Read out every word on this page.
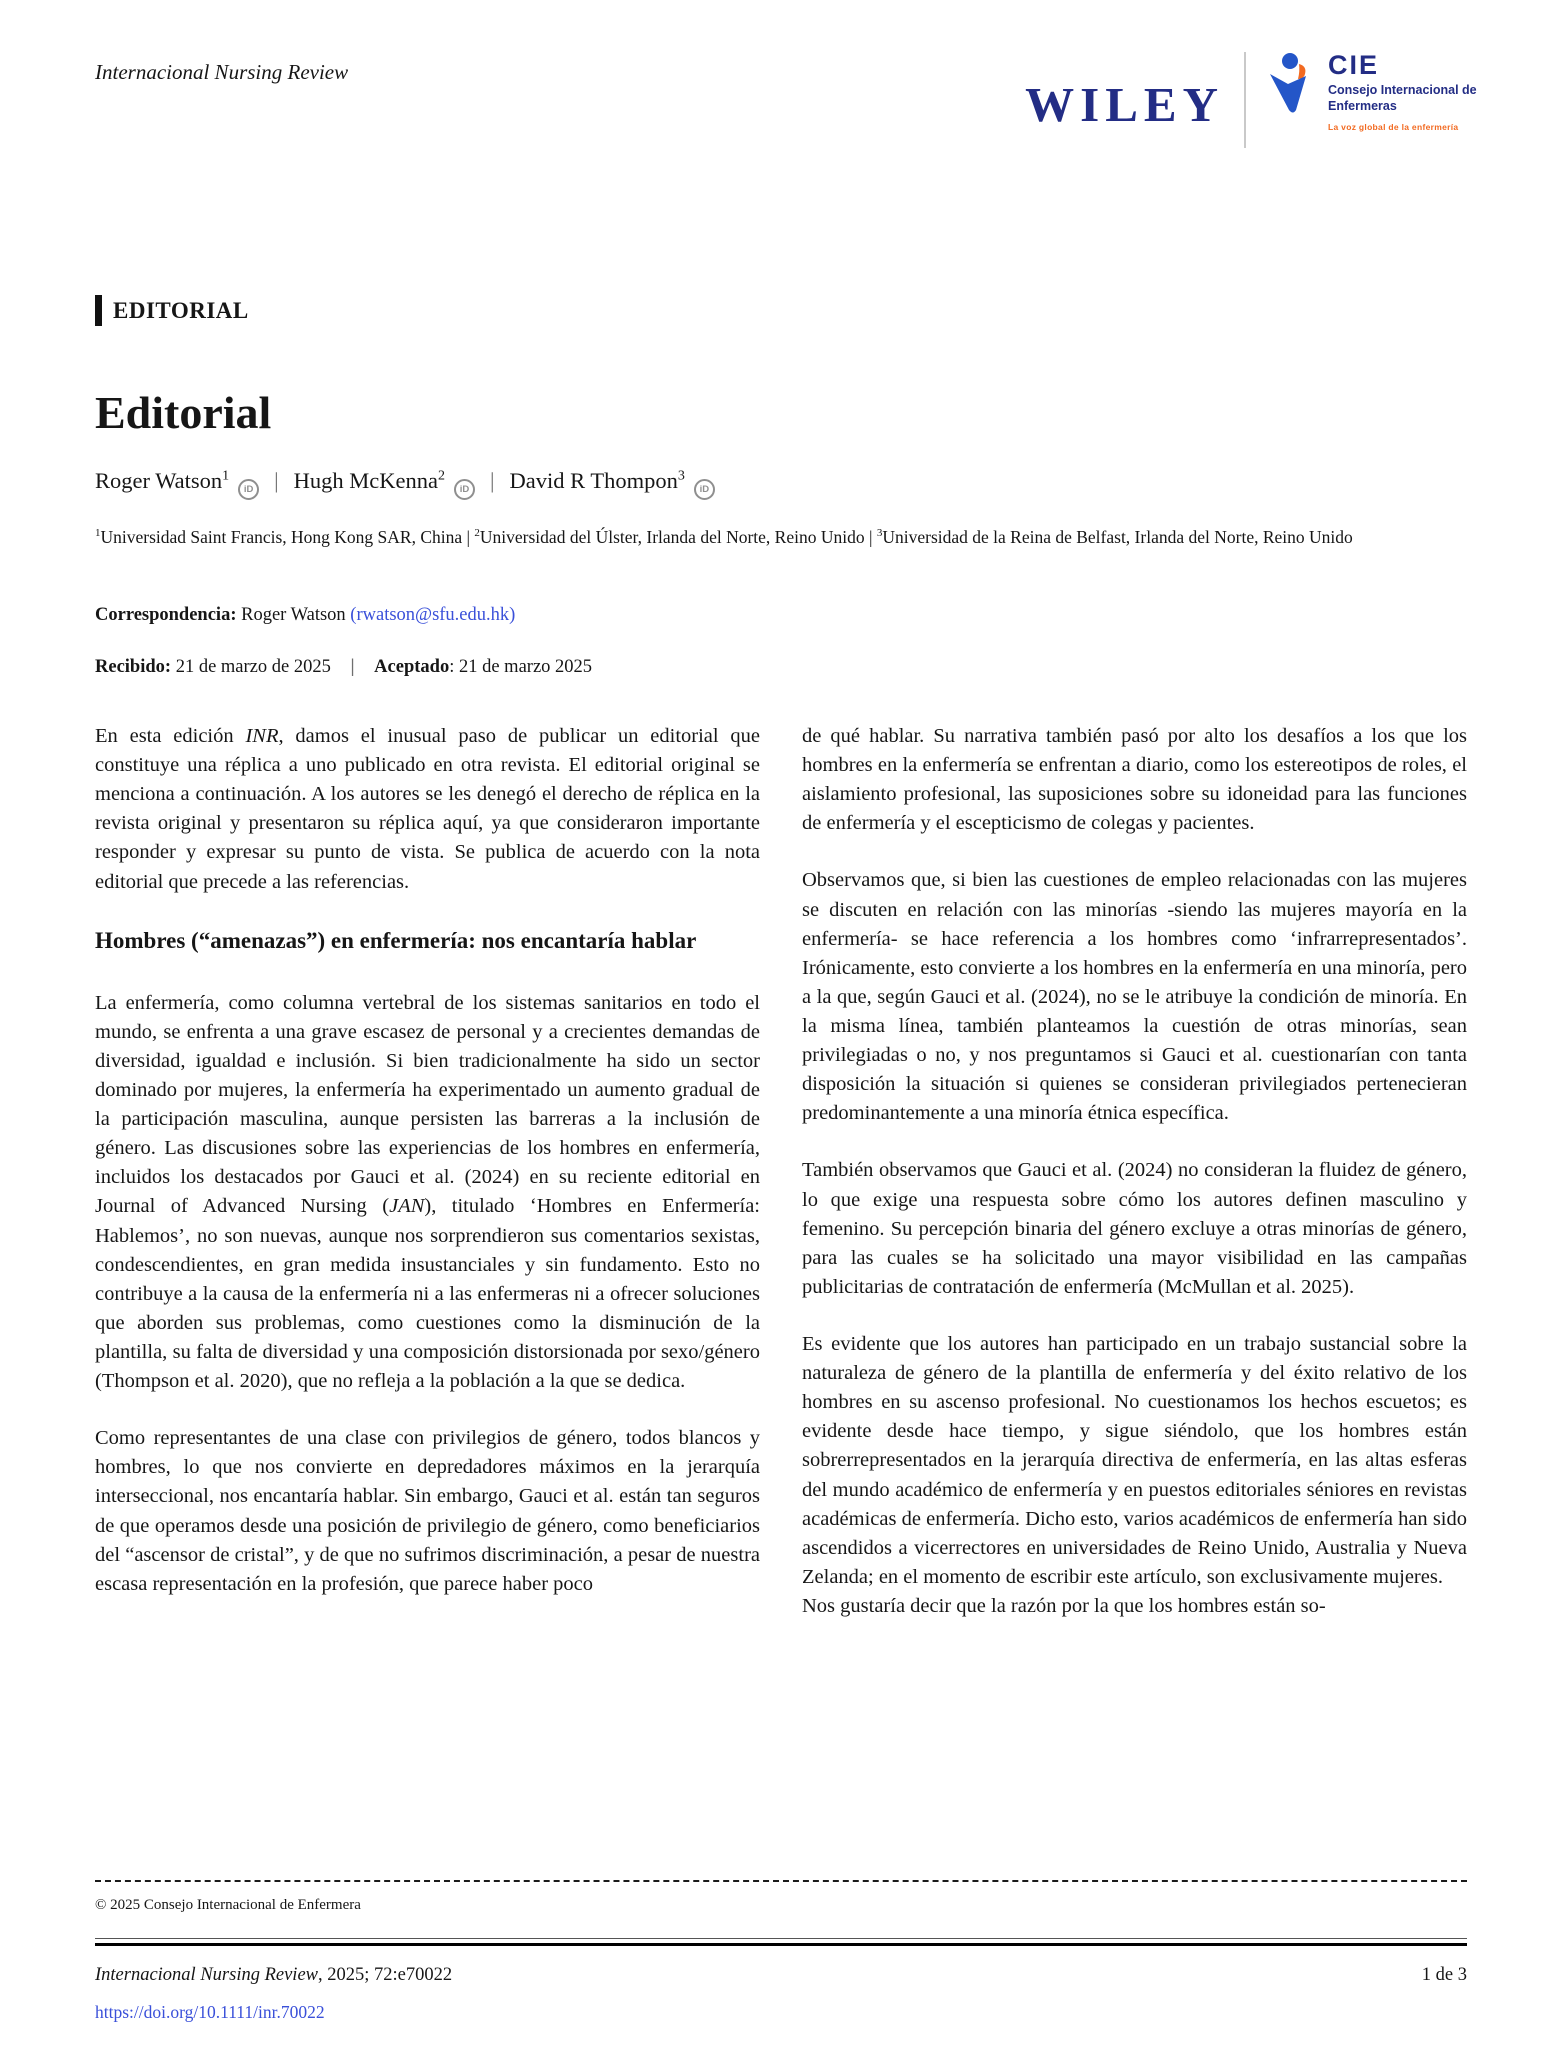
Internacional Nursing Review
WILEY
CIE
Consejo Internacional de Enfermeras
La voz global de la enfermería
EDITORIAL
Editorial
Roger Watson$^1$iD | Hugh McKenna$^2$iD | David R Thompon$^3$iD
$^1$Universidad Saint Francis, Hong Kong SAR, China | $^2$Universidad del Úlster, Irlanda del Norte, Reino Unido | $^3$Universidad de la Reina de Belfast, Irlanda del Norte, Reino Unido
Correspondencia: Roger Watson (rwatson@sfu.edu.hk)
Recibido: 21 de marzo de 2025 | Aceptado: 21 de marzo 2025

En esta edición INR, damos el inusual paso de publicar un editorial que constituye una réplica a uno publicado en otra revista. El editorial original se menciona a continuación. A los autores se les denegó el derecho de réplica en la revista original y presentaron su réplica aquí, ya que consideraron importante responder y expresar su punto de vista. Se publica de acuerdo con la nota editorial que precede a las referencias.

Hombres (“amenazas”) en enfermería: nos encantaría hablar

La enfermería, como columna vertebral de los sistemas sanitarios en todo el mundo, se enfrenta a una grave escasez de personal y a crecientes demandas de diversidad, igualdad e inclusión. Si bien tradicionalmente ha sido un sector dominado por mujeres, la enfermería ha experimentado un aumento gradual de la participación masculina, aunque persisten las barreras a la inclusión de género. Las discusiones sobre las experiencias de los hombres en enfermería, incluidos los destacados por Gauci et al. (2024) en su reciente editorial en Journal of Advanced Nursing (JAN), titulado ‘Hombres en Enfermería: Hablemos’, no son nuevas, aunque nos sorprendieron sus comentarios sexistas, condescendientes, en gran medida insustanciales y sin fundamento. Esto no contribuye a la causa de la enfermería ni a las enfermeras ni a ofrecer soluciones que aborden sus problemas, como cuestiones como la disminución de la plantilla, su falta de diversidad y una composición distorsionada por sexo/género (Thompson et al. 2020), que no refleja a la población a la que se dedica.

Como representantes de una clase con privilegios de género, todos blancos y hombres, lo que nos convierte en depredadores máximos en la jerarquía interseccional, nos encantaría hablar. Sin embargo, Gauci et al. están tan seguros de que operamos desde una posición de privilegio de género, como beneficiarios del “ascensor de cristal”, y de que no sufrimos discriminación, a pesar de nuestra escasa representación en la profesión, que parece haber poco

de qué hablar. Su narrativa también pasó por alto los desafíos a los que los hombres en la enfermería se enfrentan a diario, como los estereotipos de roles, el aislamiento profesional, las suposiciones sobre su idoneidad para las funciones de enfermería y el escepticismo de colegas y pacientes.

Observamos que, si bien las cuestiones de empleo relacionadas con las mujeres se discuten en relación con las minorías -siendo las mujeres mayoría en la enfermería- se hace referencia a los hombres como ‘infrarrepresentados’. Irónicamente, esto convierte a los hombres en la enfermería en una minoría, pero a la que, según Gauci et al. (2024), no se le atribuye la condición de minoría. En la misma línea, también planteamos la cuestión de otras minorías, sean privilegiadas o no, y nos preguntamos si Gauci et al. cuestionarían con tanta disposición la situación si quienes se consideran privilegiados pertenecieran predominantemente a una minoría étnica específica.

También observamos que Gauci et al. (2024) no consideran la fluidez de género, lo que exige una respuesta sobre cómo los autores definen masculino y femenino. Su percepción binaria del género excluye a otras minorías de género, para las cuales se ha solicitado una mayor visibilidad en las campañas publicitarias de contratación de enfermería (McMullan et al. 2025).

Es evidente que los autores han participado en un trabajo sustancial sobre la naturaleza de género de la plantilla de enfermería y del éxito relativo de los hombres en su ascenso profesional. No cuestionamos los hechos escuetos; es evidente desde hace tiempo, y sigue siéndolo, que los hombres están sobrerrepresentados en la jerarquía directiva de enfermería, en las altas esferas del mundo académico de enfermería y en puestos editoriales séniores en revistas académicas de enfermería. Dicho esto, varios académicos de enfermería han sido ascendidos a vicerrectores en universidades de Reino Unido, Australia y Nueva Zelanda; en el momento de escribir este artículo, son exclusivamente mujeres.

Nos gustaría decir que la razón por la que los hombres están so-

© 2025 Consejo Internacional de Enfermera
Internacional Nursing Review, 2025; 72:e70022	1 de 3
https://doi.org/10.1111/inr.70022
